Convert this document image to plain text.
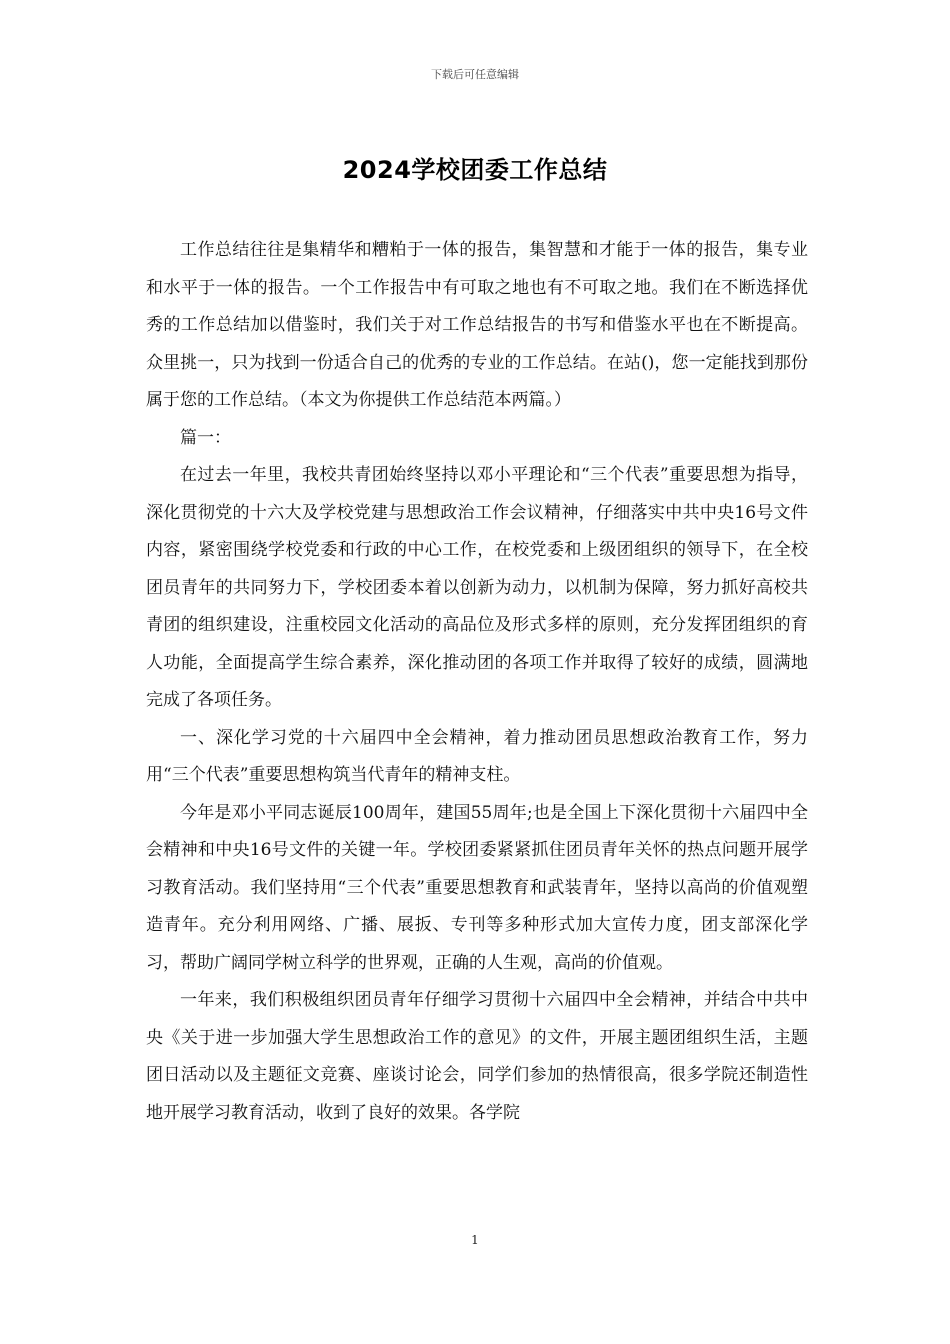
下载后可任意编辑
2024学校团委工作总结

工作总结往往是集精华和糟粕于一体的报告，集智慧和才能于一体的报告，集专业和水平于一体的报告。一个工作报告中有可取之地也有不可取之地。我们在不断选择优秀的工作总结加以借鉴时，我们关于对工作总结报告的书写和借鉴水平也在不断提高。众里挑一，只为找到一份适合自己的优秀的专业的工作总结。在站()，您一定能找到那份属于您的工作总结。（本文为你提供工作总结范本两篇。）

篇一：

在过去一年里，我校共青团始终坚持以邓小平理论和“三个代表”重要思想为指导，深化贯彻党的十六大及学校党建与思想政治工作会议精神，仔细落实中共中央16号文件内容，紧密围绕学校党委和行政的中心工作，在校党委和上级团组织的领导下，在全校团员青年的共同努力下，学校团委本着以创新为动力，以机制为保障，努力抓好高校共青团的组织建设，注重校园文化活动的高品位及形式多样的原则，充分发挥团组织的育人功能，全面提高学生综合素养，深化推动团的各项工作并取得了较好的成绩，圆满地完成了各项任务。

一、深化学习党的十六届四中全会精神，着力推动团员思想政治教育工作，努力用“三个代表”重要思想构筑当代青年的精神支柱。

今年是邓小平同志诞辰100周年，建国55周年;也是全国上下深化贯彻十六届四中全会精神和中央16号文件的关键一年。学校团委紧紧抓住团员青年关怀的热点问题开展学习教育活动。我们坚持用“三个代表”重要思想教育和武装青年，坚持以高尚的价值观塑造青年。充分利用网络、广播、展扳、专刊等多种形式加大宣传力度，团支部深化学习，帮助广阔同学树立科学的世界观，正确的人生观，高尚的价值观。

一年来，我们积极组织团员青年仔细学习贯彻十六届四中全会精神，并结合中共中央《关于进一步加强大学生思想政治工作的意见》的文件，开展主题团组织生活，主题团日活动以及主题征文竞赛、座谈讨论会，同学们参加的热情很高，很多学院还制造性地开展学习教育活动，收到了良好的效果。各学院

1
